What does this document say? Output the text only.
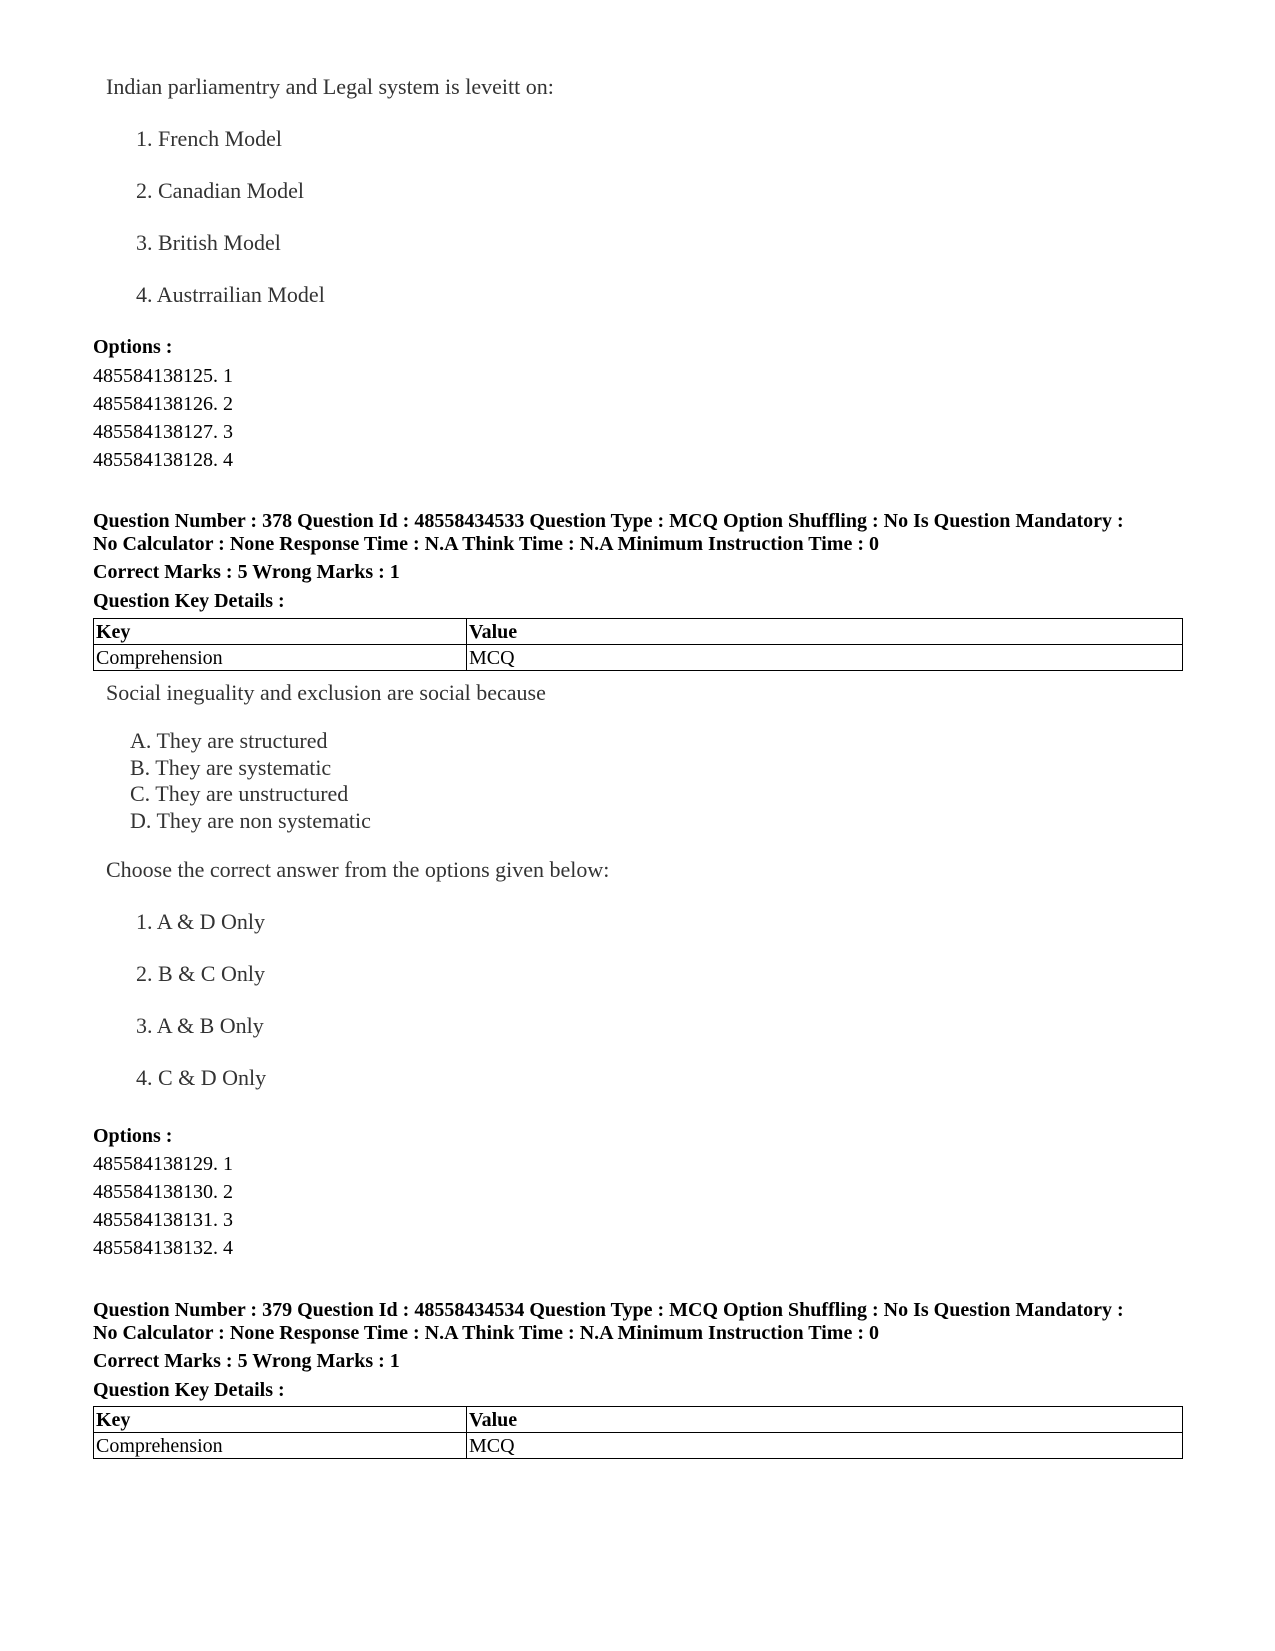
Indian parliamentry and Legal system is leveitt on:

1. French Model
2. Canadian Model
3. British Model
4. Austrrailian Model
Options :
485584138125. 1
485584138126. 2
485584138127. 3
485584138128. 4
Question Number : 378 Question Id : 48558434533 Question Type : MCQ Option Shuffling : No Is Question Mandatory :
No Calculator : None Response Time : N.A Think Time : N.A Minimum Instruction Time : 0
Correct Marks : 5 Wrong Marks : 1
Question Key Details :
Key	Value
Comprehension	MCQ

Social ineguality and exclusion are social because

A. They are structured
B. They are systematic
C. They are unstructured
D. They are non systematic
Choose the correct answer from the options given below:
1. A & D Only
2. B & C Only
3. A & B Only
4. C & D Only
Options :
485584138129. 1
485584138130. 2
485584138131. 3
485584138132. 4
Question Number : 379 Question Id : 48558434534 Question Type : MCQ Option Shuffling : No Is Question Mandatory :
No Calculator : None Response Time : N.A Think Time : N.A Minimum Instruction Time : 0
Correct Marks : 5 Wrong Marks : 1
Question Key Details :
Key	Value
Comprehension	MCQ
